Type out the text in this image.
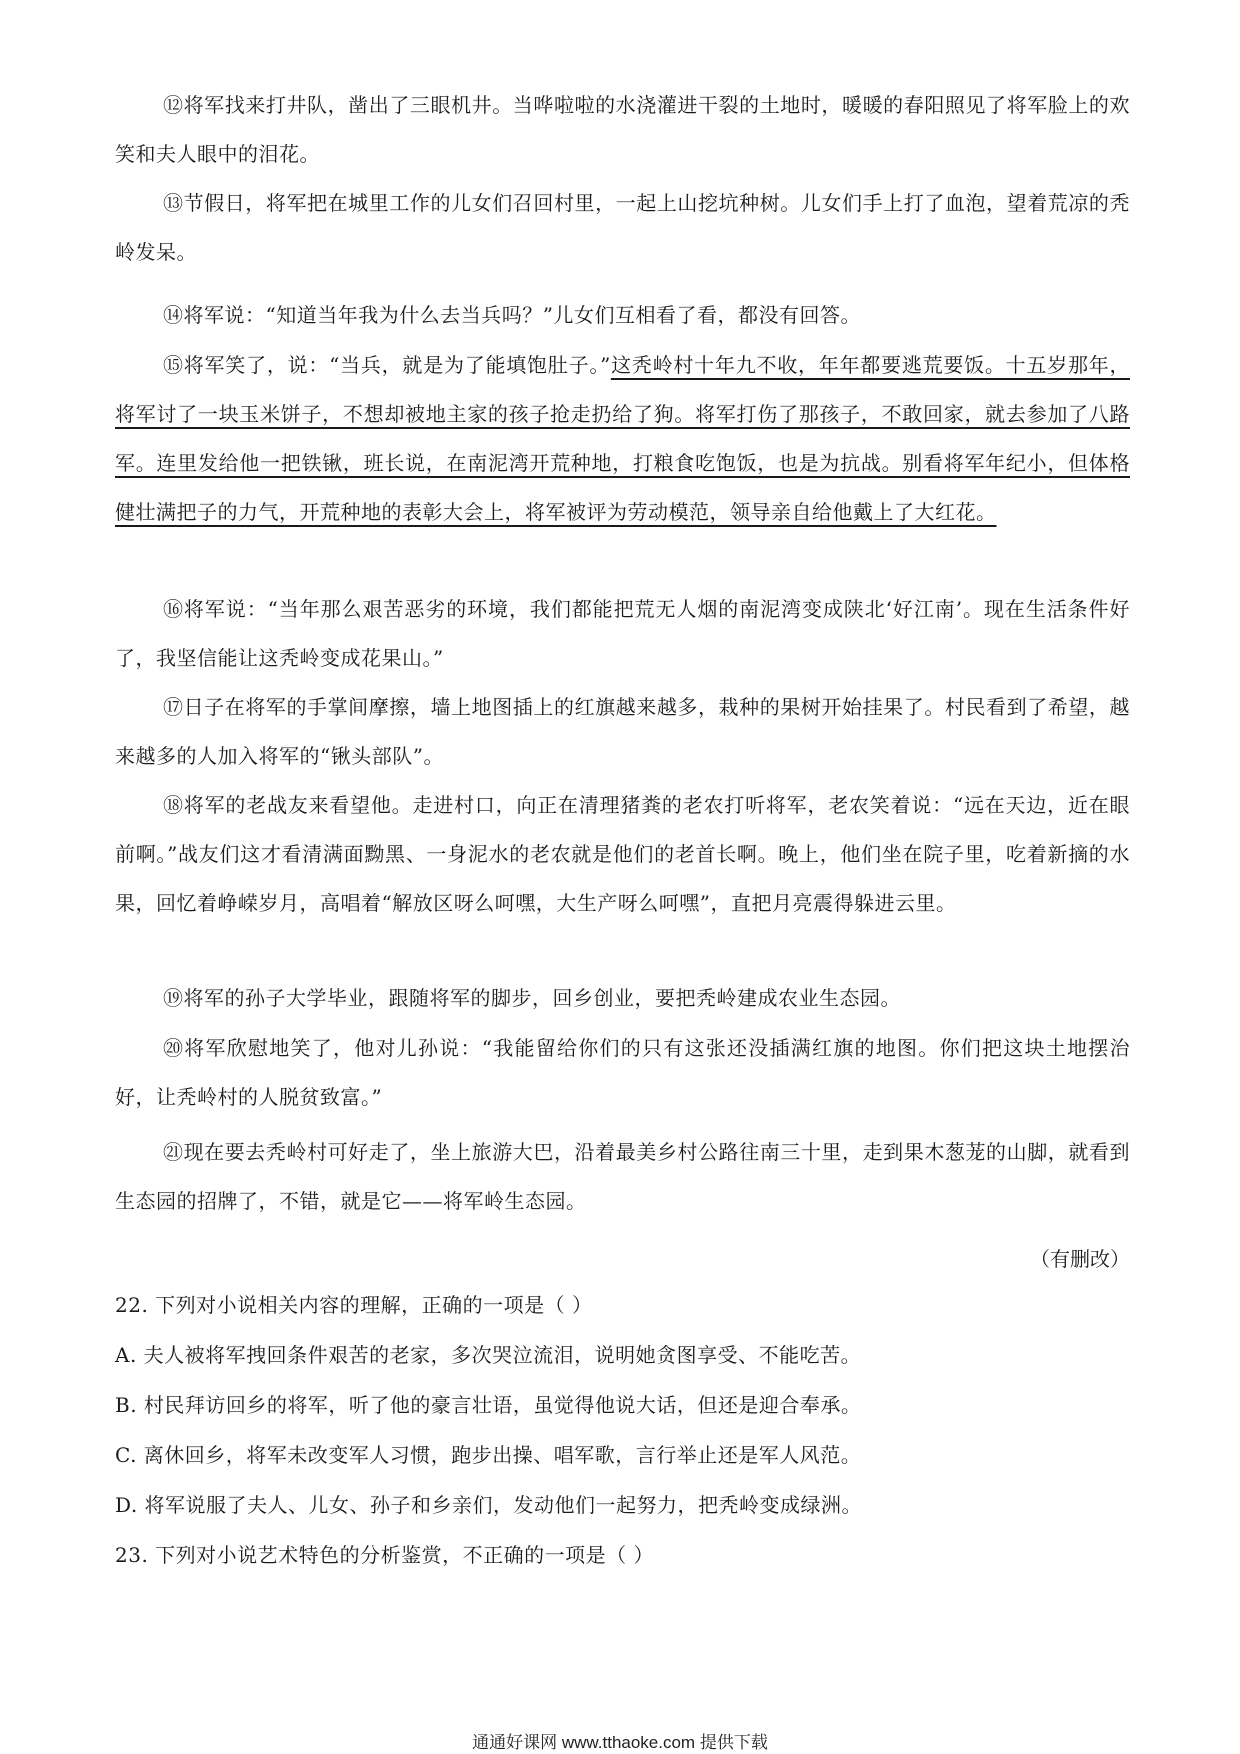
⑫将军找来打井队，凿出了三眼机井。当哗啦啦的水浇灌进干裂的土地时，暖暖的春阳照见了将军脸上的欢笑和夫人眼中的泪花。
⑬节假日，将军把在城里工作的儿女们召回村里，一起上山挖坑种树。儿女们手上打了血泡，望着荒凉的秃岭发呆。
⑭将军说：“知道当年我为什么去当兵吗？”儿女们互相看了看，都没有回答。
⑮将军笑了，说：“当兵，就是为了能填饱肚子。”这秃岭村十年九不收，年年都要逃荒要饭。十五岁那年，将军讨了一块玉米饼子，不想却被地主家的孩子抢走扔给了狗。将军打伤了那孩子，不敢回家，就去参加了八路军。连里发给他一把铁锹，班长说，在南泥湾开荒种地，打粮食吃饱饭，也是为抗战。别看将军年纪小，但体格健壮满把子的力气，开荒种地的表彰大会上，将军被评为劳动模范，领导亲自给他戴上了大红花。
⑯将军说：“当年那么艰苦恶劣的环境，我们都能把荒无人烟的南泥湾变成陕北‘好江南’。现在生活条件好了，我坚信能让这秃岭变成花果山。”
⑰日子在将军的手掌间摩擦，墙上地图插上的红旗越来越多，栽种的果树开始挂果了。村民看到了希望，越来越多的人加入将军的“锹头部队”。
⑱将军的老战友来看望他。走进村口，向正在清理猪粪的老农打听将军，老农笑着说：“远在天边，近在眼前啊。”战友们这才看清满面黝黑、一身泥水的老农就是他们的老首长啊。晚上，他们坐在院子里，吃着新摘的水果，回忆着峥嵘岁月，高唱着“解放区呀么呵嘿，大生产呀么呵嘿”，直把月亮震得躲进云里。
⑲将军的孙子大学毕业，跟随将军的脚步，回乡创业，要把秃岭建成农业生态园。
⑳将军欣慰地笑了，他对儿孙说：“我能留给你们的只有这张还没插满红旗的地图。你们把这块土地摆治好，让秃岭村的人脱贫致富。”
㉑现在要去秃岭村可好走了，坐上旅游大巴，沿着最美乡村公路往南三十里，走到果木葱茏的山脚，就看到生态园的招牌了，不错，就是它——将军岭生态园。
（有删改）
22. 下列对小说相关内容的理解，正确的一项是（ ）
A. 夫人被将军拽回条件艰苦的老家，多次哭泣流泪，说明她贪图享受、不能吃苦。
B. 村民拜访回乡的将军，听了他的豪言壮语，虽觉得他说大话，但还是迎合奉承。
C. 离休回乡，将军未改变军人习惯，跑步出操、唱军歌，言行举止还是军人风范。
D. 将军说服了夫人、儿女、孙子和乡亲们，发动他们一起努力，把秃岭变成绿洲。
23. 下列对小说艺术特色的分析鉴赏，不正确的一项是（ ）
通通好课网 www.tthaoke.com 提供下载
